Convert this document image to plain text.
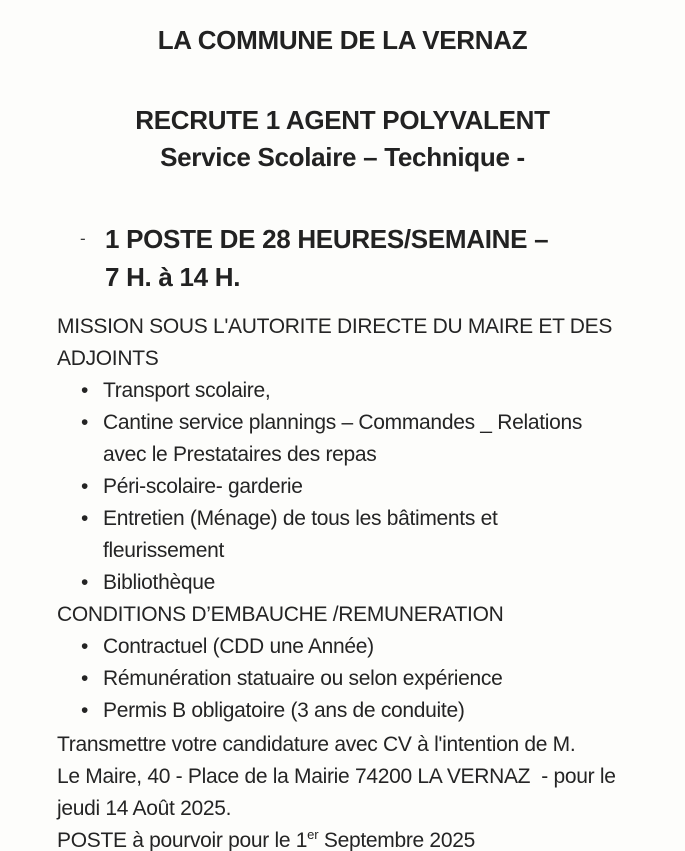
LA COMMUNE DE LA VERNAZ
RECRUTE 1 AGENT POLYVALENT
Service Scolaire – Technique -
- 1 POSTE DE 28 HEURES/SEMAINE –
7 H. à 14 H.
MISSION SOUS L'AUTORITE DIRECTE DU MAIRE ET DES
ADJOINTS
• Transport scolaire,
• Cantine service plannings – Commandes _ Relations avec le Prestataires des repas
• Péri-scolaire- garderie
• Entretien (Ménage) de tous les bâtiments et fleurissement
• Bibliothèque
CONDITIONS D’EMBAUCHE /REMUNERATION
• Contractuel (CDD une Année)
• Rémunération statuaire ou selon expérience
• Permis B obligatoire (3 ans de conduite)
Transmettre votre candidature avec CV à l'intention de M.
Le Maire, 40 - Place de la Mairie 74200 LA VERNAZ  - pour le
jeudi 14 Août 2025.
POSTE à pourvoir pour le 1er Septembre 2025
